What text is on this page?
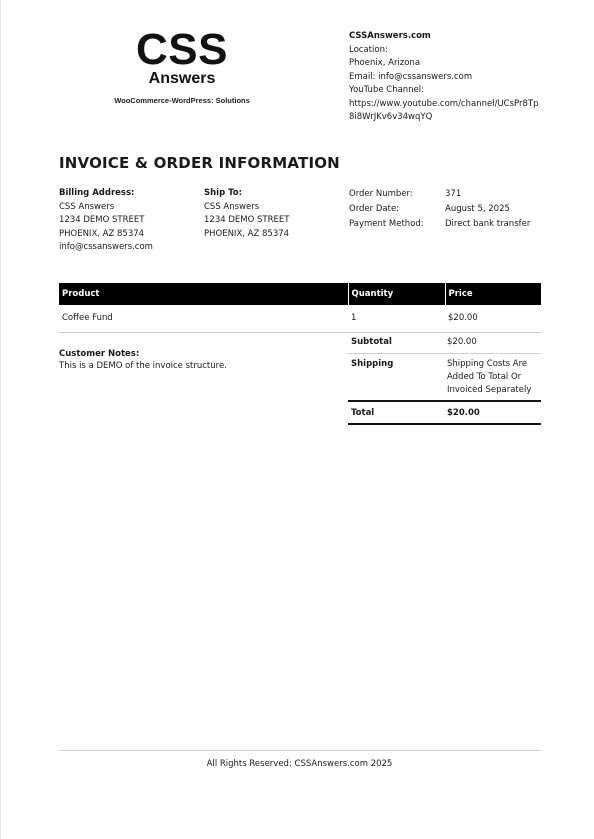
CSS
Answers
WooCommerce-WordPress: Solutions
CSSAnswers.com
Location:
Phoenix, Arizona
Email: info@cssanswers.com
YouTube Channel:
https://www.youtube.com/channel/UCsPr8Tp
8i8WrJKv6v34wqYQ
INVOICE & ORDER INFORMATION
Billing Address:
CSS Answers
1234 DEMO STREET
PHOENIX, AZ 85374
info@cssanswers.com
Ship To:
CSS Answers
1234 DEMO STREET
PHOENIX, AZ 85374
Order Number:	371
Order Date:	August 5, 2025
Payment Method:	Direct bank transfer
Product	Quantity	Price
Coffee Fund	1	$20.00
Customer Notes:
This is a DEMO of the invoice structure.
Subtotal	$20.00
Shipping	Shipping Costs Are
Added To Total Or
Invoiced Separately

Total	$20.00
All Rights Reserved: CSSAnswers.com 2025
